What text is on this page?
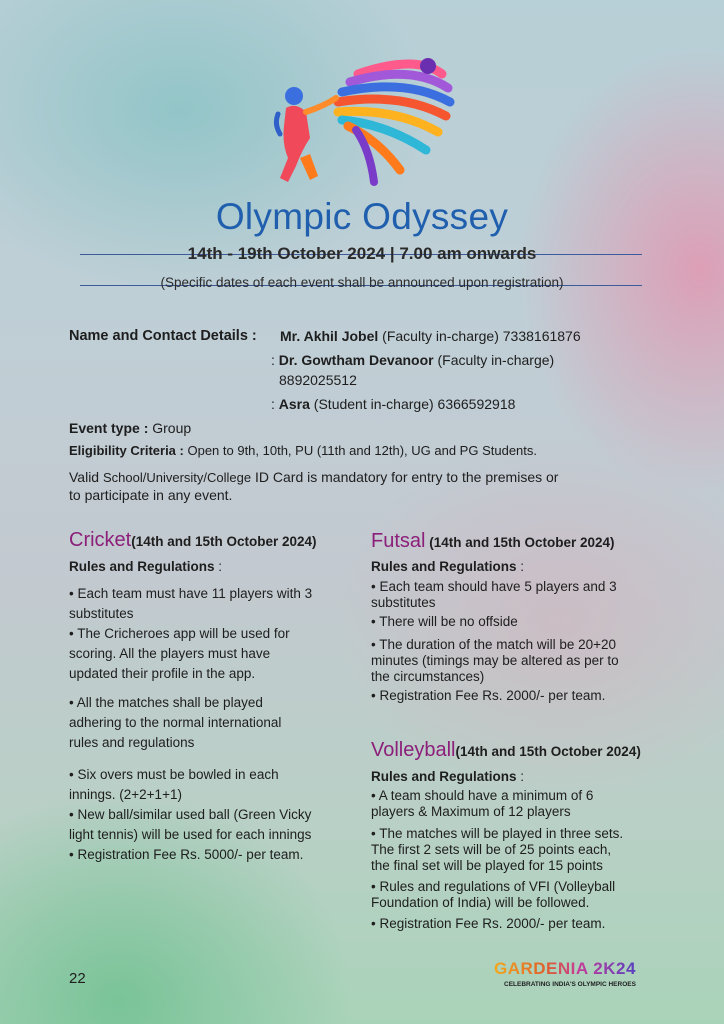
Olympic Odyssey
14th - 19th October 2024 | 7.00 am onwards
(Specific dates of each event shall be announced upon registration)
Name and Contact Details : Mr. Akhil Jobel (Faculty in-charge) 7338161876
: Dr. Gowtham Devanoor (Faculty in-charge)
8892025512
: Asra (Student in-charge) 6366592918
Event type : Group
Eligibility Criteria : Open to 9th, 10th, PU (11th and 12th), UG and PG Students.
Valid School/University/College ID Card is mandatory for entry to the premises or
to participate in any event.
Cricket(14th and 15th October 2024)
Rules and Regulations :
• Each team must have 11 players with 3
substitutes
• The Cricheroes app will be used for
scoring. All the players must have
updated their profile in the app.
• All the matches shall be played
adhering to the normal international
rules and regulations
• Six overs must be bowled in each
innings. (2+2+1+1)
• New ball/similar used ball (Green Vicky
light tennis) will be used for each innings
• Registration Fee Rs. 5000/- per team.
Futsal (14th and 15th October 2024)
Rules and Regulations :
• Each team should have 5 players and 3
substitutes
• There will be no offside
• The duration of the match will be 20+20
minutes (timings may be altered as per to
the circumstances)
• Registration Fee Rs. 2000/- per team.
Volleyball(14th and 15th October 2024)
Rules and Regulations :
• A team should have a minimum of 6
players & Maximum of 12 players
• The matches will be played in three sets.
The first 2 sets will be of 25 points each,
the final set will be played for 15 points
• Rules and regulations of VFI (Volleyball
Foundation of India) will be followed.
• Registration Fee Rs. 2000/- per team.
22
GARDENIA 2K24
CELEBRATING INDIA'S OLYMPIC HEROES
